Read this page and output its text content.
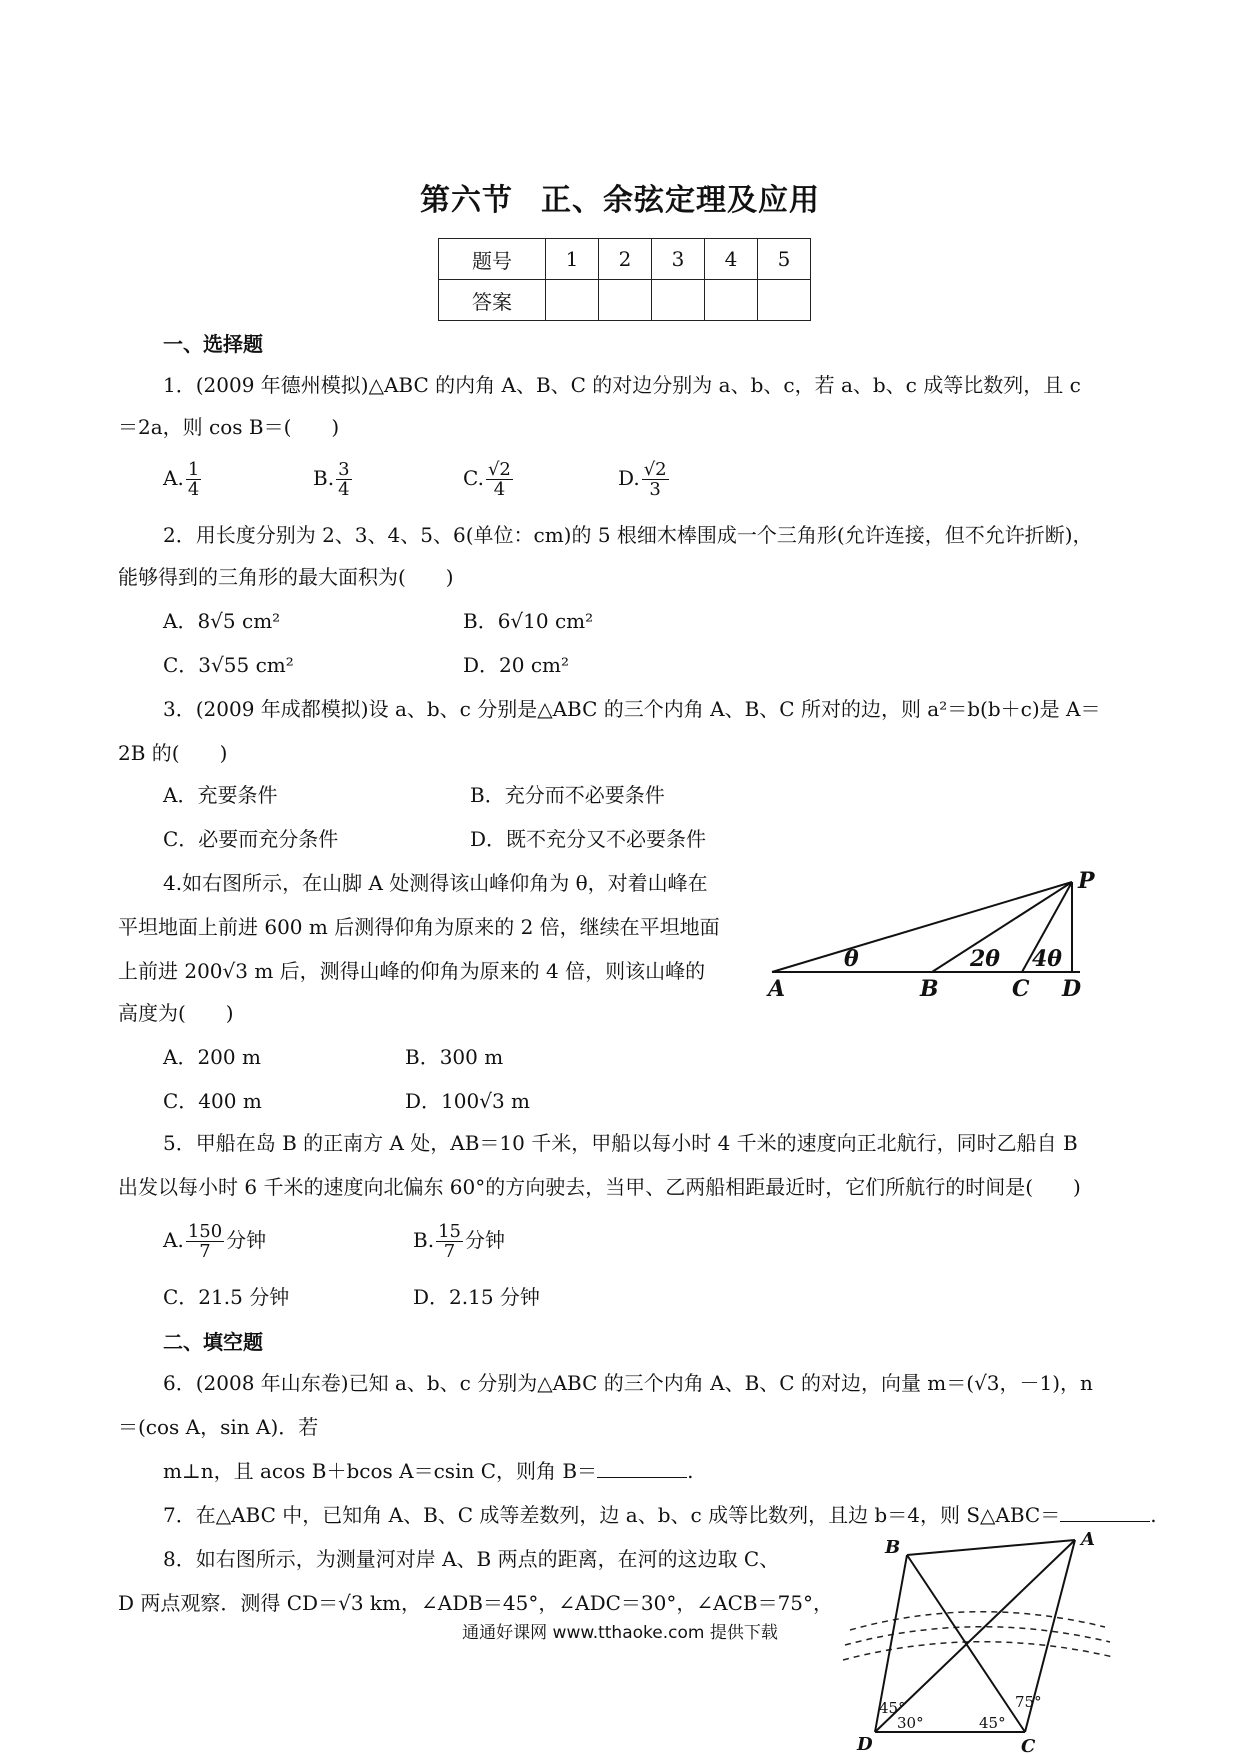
第六节 正、余弦定理及应用
题号	1	2	3	4	5
答案					
一、选择题
1．(2009 年德州模拟)△ABC 的内角 A、B、C 的对边分别为 a、b、c，若 a、b、c 成等比数列，且 c
＝2a，则 cos B＝(　　)
A. $\frac{1}{4}$	B. $\frac{3}{4}$	C. $\frac{√2}{4}$	D. $\frac{√2}{3}$
2．用长度分别为 2、3、4、5、6(单位：cm)的 5 根细木棒围成一个三角形(允许连接，但不允许折断)，
能够得到的三角形的最大面积为(　　)
A．8√5 cm²	B．6√10 cm²
C．3√55 cm²	D．20 cm²
3．(2009 年成都模拟)设 a、b、c 分别是△ABC 的三个内角 A、B、C 所对的边，则 a²＝b(b＋c)是 A＝
2B 的(　　)
A．充要条件	B．充分而不必要条件
C．必要而充分条件	D．既不充分又不必要条件
4.如右图所示，在山脚 A 处测得该山峰仰角为 θ，对着山峰在
平坦地面上前进 600 m 后测得仰角为原来的 2 倍，继续在平坦地面
上前进 200√3 m 后，测得山峰的仰角为原来的 4 倍，则该山峰的
高度为(　　)
A．200 m	B．300 m
C．400 m	D．100√3 m
P
A	B	C D
θ	2θ 4θ
5．甲船在岛 B 的正南方 A 处，AB＝10 千米，甲船以每小时 4 千米的速度向正北航行，同时乙船自 B
出发以每小时 6 千米的速度向北偏东 60°的方向驶去，当甲、乙两船相距最近时，它们所航行的时间是(　　)
A. $\frac{150}{7}$ 分钟	B. $\frac{15}{7}$ 分钟
C．21.5 分钟	D．2.15 分钟
二、填空题
6．(2008 年山东卷)已知 a、b、c 分别为△ABC 的三个内角 A、B、C 的对边，向量 m＝(√3，－1)，n
＝(cos A，sin A)．若
m⊥n，且 acos B＋bcos A＝csin C，则角 B＝	.
7．在△ABC 中，已知角 A、B、C 成等差数列，边 a、b、c 成等比数列，且边 b＝4，则 S△ABC＝	.
8．如右图所示，为测量河对岸 A、B 两点的距离，在河的这边取 C、
D 两点观察．测得 CD＝√3 km，∠ADB＝45°，∠ADC＝30°，∠ACB＝75°，
A
B
C
D
45°
30°	45°
75°
通通好课网 www.tthaoke.com 提供下载
